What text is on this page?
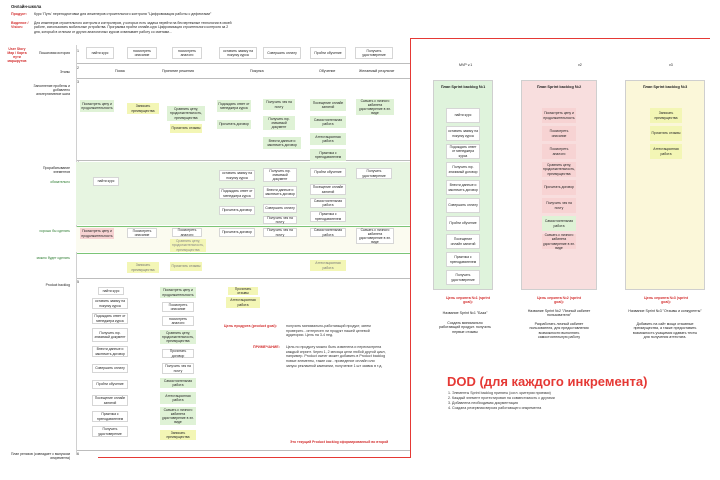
Онлайн-школа
Продукт: Курс 'Путь' переподготовки для инженеров строительного контроля "Цифровизация работы с дефектами"
Видение / Vision:
Для инженеров строительного контроля и контролеров, у которых есть задача перейти на бесчертежные технологии в своей работе, использовать мобильные устройства. Программа пройти онлайн-курс Цифровизация строительного контроля за 2 дня, который в отличии от других аналогичных курсов охватывает работу со сметами...
User Story Map / Карта пути маршрутов
Пошаговая история
Этапы
Заполнение пробелы и добавлено альтернативное шага
Прорабатывание элементов
обязательно
хорошо бы сделать
можно будет сделать
Product backlog
План релизов (совпадает с выпуском инкремента)
1
2
3
5
6
найти курс
посмотреть описание
посмотреть аналоги
оставить заявку на покупку курса
Совершить оплату	Пройти обучение
Получить удостоверение
Поиск	Принятие решения	Покупка	Обучение	Желаемый результат
Посмотреть цену и продолжительность	Записать преимущества	Сравнить цену, продолжительность, преимущества
Прочитать отзывы
Подождать ответ от менеджера курса
Прочитать договор
Получить чек на почту
Получить юр. значимый документ
Внести данные и заключить договор
Посещение онлайн занятий
Самостоятельная работа
Аттестационная работа
Практика с преподавателем
Скачать с личного кабинета удостоверение в эл. виде
найти курс
оставить заявку на покупку курса
Подождать ответ от менеджера курса
Прочитать договор
Получить юр. значимый документ
Внести данные и заключить договор
Совершить оплату
Получить чек на почту
Пройти обучение
Посещение онлайн занятий
Самостоятельная работа
Практика с преподавателем
Получить удостоверение
Посмотреть цену и продолжительность
Посмотреть описание
Посмотреть аналоги
Сравнить цену, продолжительность, преимущества
Прочитать договор
Получить чек на почту
Самостоятельная работа
Скачать с личного кабинета удостоверение в эл. виде
Записать преимущества
Прочитать отзывы
Аттестационная работа
найти курс
оставить заявку на покупку курса
Подождать ответ от менеджера курса
Получить юр. значимый документ
Внести данные и заключить договор
Совершить оплату
Пройти обучение
Посещение онлайн занятий
Практика с преподавателем
Получить удостоверение
Посмотреть цену и продолжительность
Посмотреть описание
посмотреть аналоги
Сравнить цену, продолжительность, преимущества
Прочитать договор
Получить чек на почту
Самостоятельная работа
Аттестационная работа
Скачать с личного кабинета удостоверение в эл. виде
Записать преимущества
Прочитать отзывы
Аттестационная работа
Цель продукта (product goal):	получить минимально-работающий продукт, затем проверить - интересен ли продукт нашей целевой аудитории. Цель на 3-4 нед.
ПРИМЕЧАНИЕ:	Цель по продукту можно быть изменена и пересмотрена каждый спринт. Через 1, 2 месяца цели любой другой цикл, например. Product owner может добавить в Product backlog новые элементы, такие как - проведение онлайн или запуск рекламной кампании, получение 1 шт заявок в т.д.
Это текущий Product backlog сформированный во второй
MVP v.1
План Sprint backlog №1
найти курс
оставить заявку на покупку курса
Подождать ответ от менеджера курса
Получить юр. значимый договор
Внести данные и заключить договор
Совершить оплату
Пройти обучение
Посещение онлайн занятий
Практика с преподавателем
Получить удостоверение
Цель спринта №1 (sprint goal):
Название Sprint №1 "База"
Создать минимально работающий продукт. получить первые отзывы
v2
План Sprint backlog №2
Посмотреть цену и продолжительность
Посмотреть описание
Посмотреть аналоги
Сравнить цену, продолжительность, преимущества
Прочитать договор
Получить чек на почту
Самостоятельная работа
Скачать с личного кабинета удостоверение в эл. виде
Цель спринта №2 (sprint goal):
Название Sprint №2 "Личный кабинет пользователя"
Разработать личный кабинет пользователя, для предоставления возможности выполнять самостоятельную работу
v3
План Sprint backlog №3
Записать преимущества
Прочитать отзывы
Аттестационная работа
Цель спринта №3 (sprint goal):
Название Sprint №3 "Отзывы и конкуренты"
Добавить на сайт мощи отзывные преимущества, а также предоставить возможность учащимся сдавать тесты для получения аттестата.
DOD (для каждого инкремента)
1. Элементы Sprint backlog приняты (согл. критерии приемки)
2. Каждый элемент протестирован на совместимость с другими
3. Добавлена необходимая документация
4. Создана резервная версия работающего инкремента
